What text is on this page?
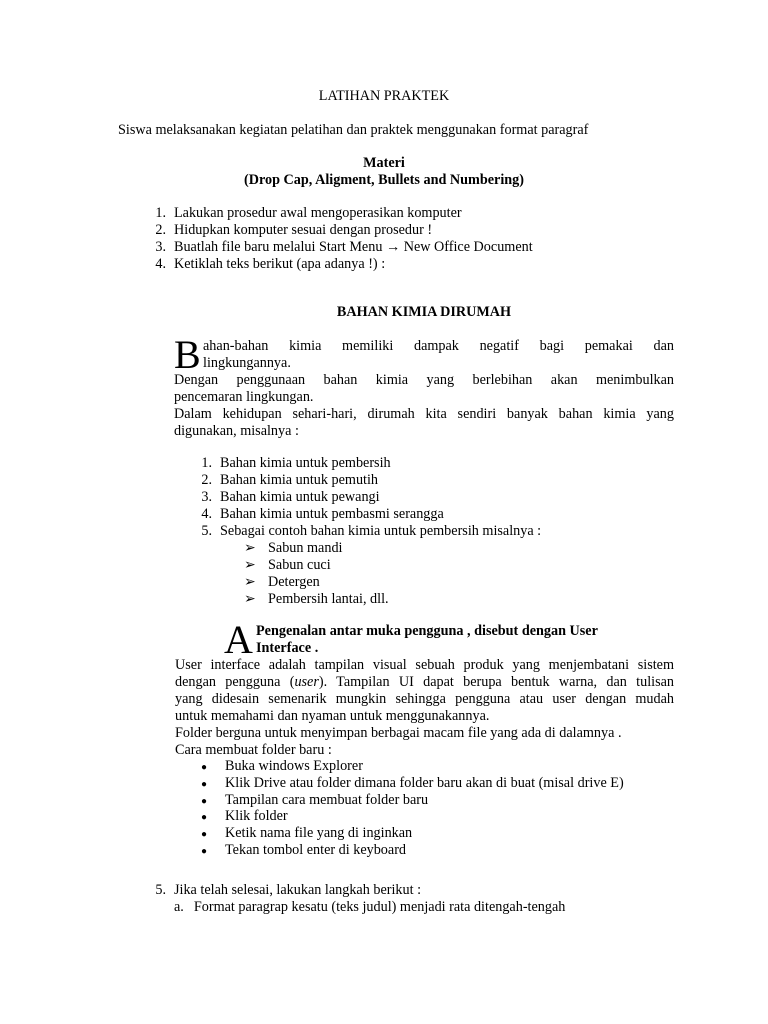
LATIHAN PRAKTEK
Siswa melaksanakan kegiatan pelatihan dan praktek menggunakan format paragraf
Materi
(Drop Cap, Aligment, Bullets and Numbering)
1. Lakukan prosedur awal mengoperasikan komputer
2. Hidupkan komputer sesuai dengan prosedur !
3. Buatlah file baru melalui Start Menu → New Office Document
4. Ketiklah teks berikut (apa adanya !) :
BAHAN KIMIA DIRUMAH
B ahan-bahan kimia memiliki dampak negatif bagi pemakai dan
lingkungannya.
Dengan penggunaan bahan kimia yang berlebihan akan menimbulkan
pencemaran lingkungan.
Dalam kehidupan sehari-hari, dirumah kita sendiri banyak bahan kimia yang
digunakan, misalnya :
1. Bahan kimia untuk pembersih
2. Bahan kimia untuk pemutih
3. Bahan kimia untuk pewangi
4. Bahan kimia untuk pembasmi serangga
5. Sebagai contoh bahan kimia untuk pembersih misalnya :
➢ Sabun mandi
➢ Sabun cuci
➢ Detergen
➢ Pembersih lantai, dll.
A Pengenalan antar muka pengguna , disebut dengan User
Interface .
User interface adalah tampilan visual sebuah produk yang menjembatani sistem
dengan pengguna (user). Tampilan UI dapat berupa bentuk warna, dan tulisan
yang didesain semenarik mungkin sehingga pengguna atau user dengan mudah
untuk memahami dan nyaman untuk menggunakannya.
Folder berguna untuk menyimpan berbagai macam file yang ada di dalamnya .
Cara membuat folder baru :
● Buka windows Explorer
● Klik Drive atau folder dimana folder baru akan di buat (misal drive E)
● Tampilan cara membuat folder baru
● Klik folder
● Ketik nama file yang di inginkan
● Tekan tombol enter di keyboard
5. Jika telah selesai, lakukan langkah berikut :
a. Format paragrap kesatu (teks judul) menjadi rata ditengah-tengah
